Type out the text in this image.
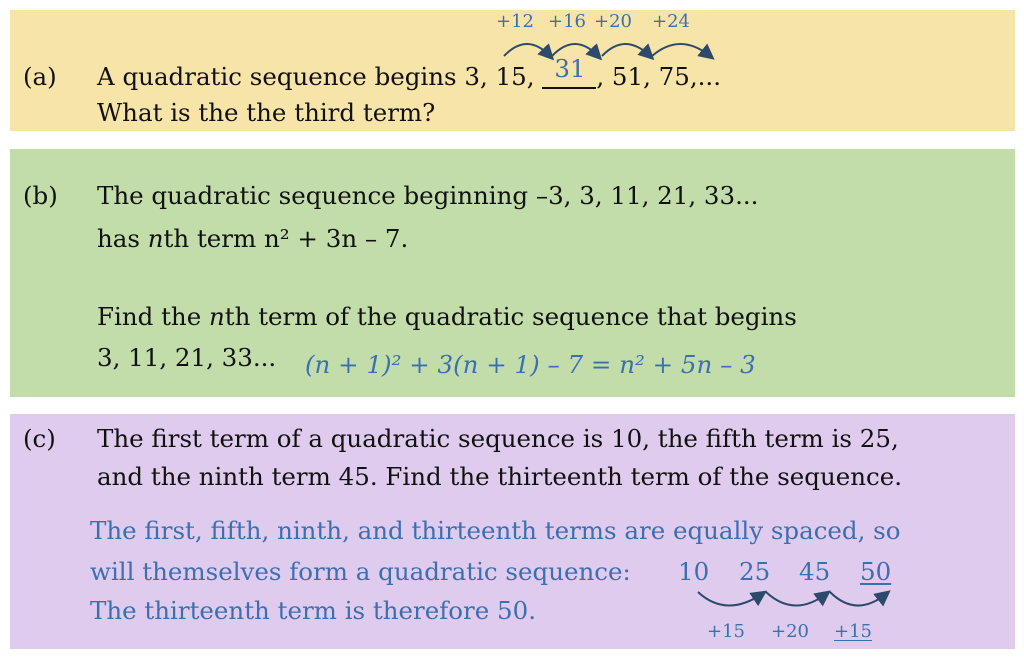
(a) A quadratic sequence begins 3, 15, 31 , 51, 75,...
What is the the third term?
+12 +16 +20 +24
(b) The quadratic sequence beginning –3, 3, 11, 21, 33...
has nth term n² + 3n – 7.
Find the nth term of the quadratic sequence that begins
3, 11, 21, 33... (n + 1)² + 3(n + 1) – 7 = n² + 5n – 3
(c) The first term of a quadratic sequence is 10, the fifth term is 25,
and the ninth term 45. Find the thirteenth term of the sequence.
The first, fifth, ninth, and thirteenth terms are equally spaced, so
will themselves form a quadratic sequence: 10 25 45 50
The thirteenth term is therefore 50.
+15 +20 +15
